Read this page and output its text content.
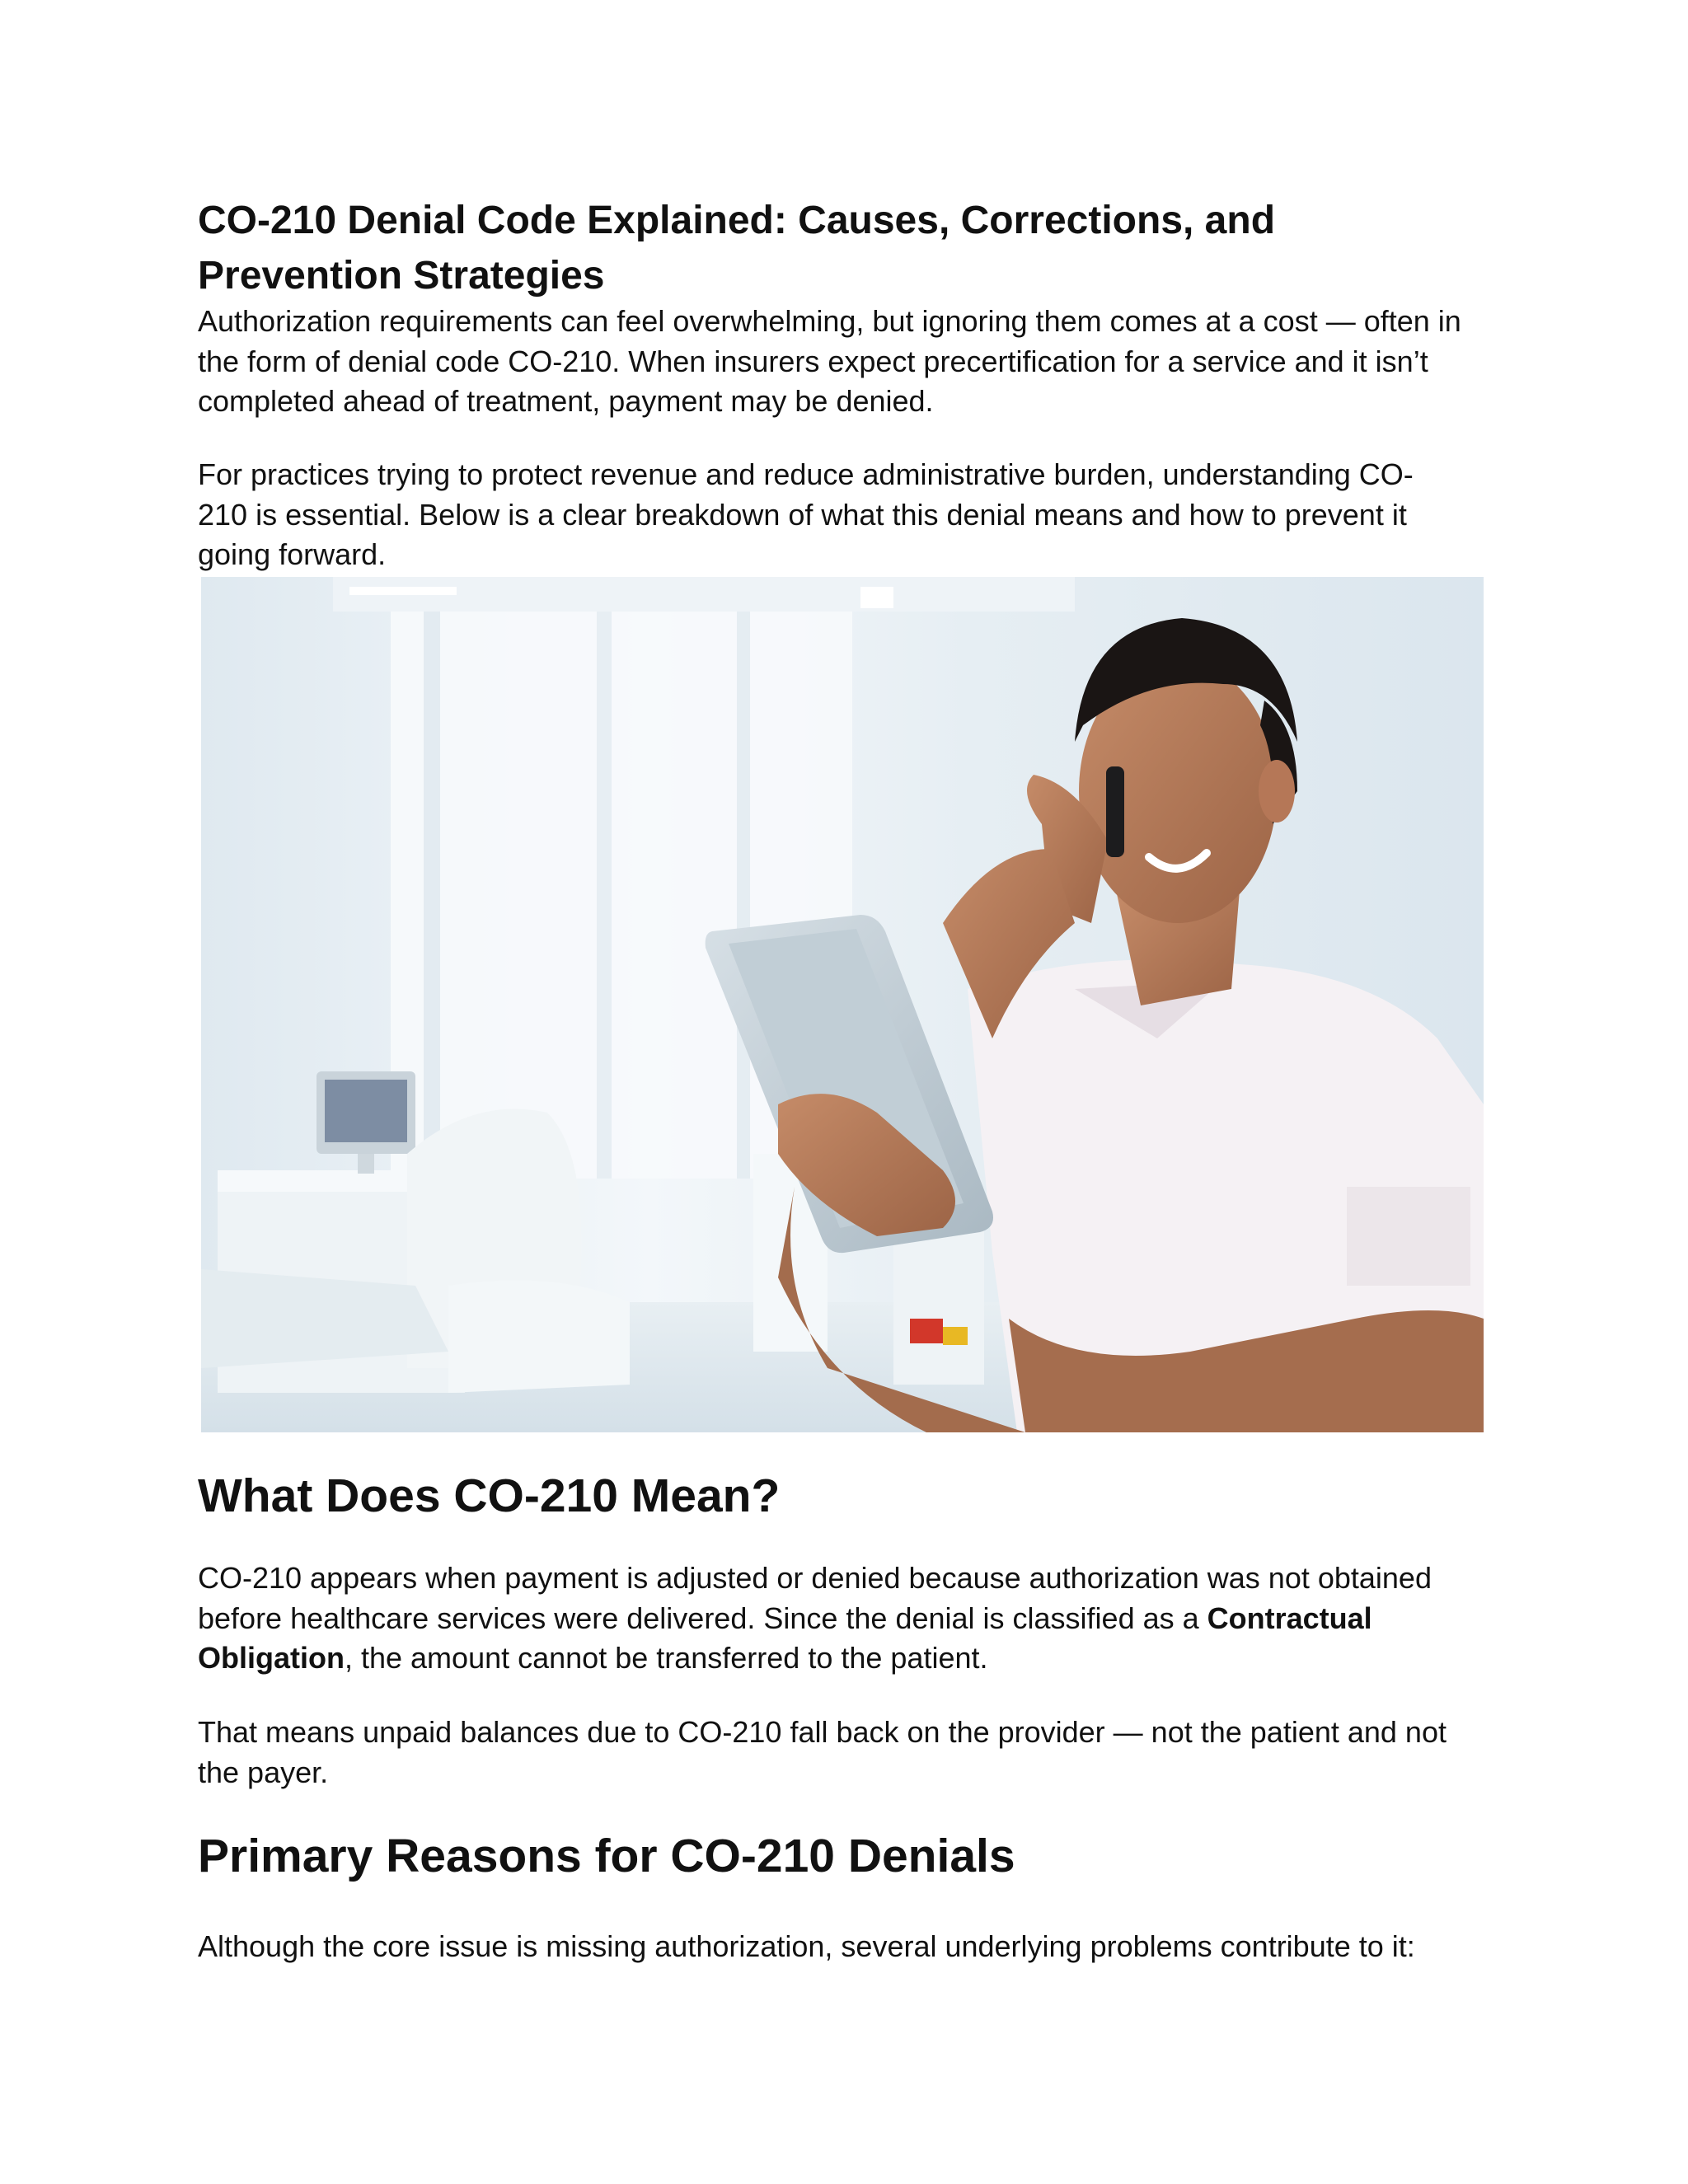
CO-210 Denial Code Explained: Causes, Corrections, and Prevention Strategies

Authorization requirements can feel overwhelming, but ignoring them comes at a cost — often in the form of denial code CO-210. When insurers expect precertification for a service and it isn’t completed ahead of treatment, payment may be denied.

For practices trying to protect revenue and reduce administrative burden, understanding CO-210 is essential. Below is a clear breakdown of what this denial means and how to prevent it going forward.

What Does CO-210 Mean?

CO-210 appears when payment is adjusted or denied because authorization was not obtained before healthcare services were delivered. Since the denial is classified as a Contractual Obligation, the amount cannot be transferred to the patient.

That means unpaid balances due to CO-210 fall back on the provider — not the patient and not the payer.

Primary Reasons for CO-210 Denials

Although the core issue is missing authorization, several underlying problems contribute to it:
